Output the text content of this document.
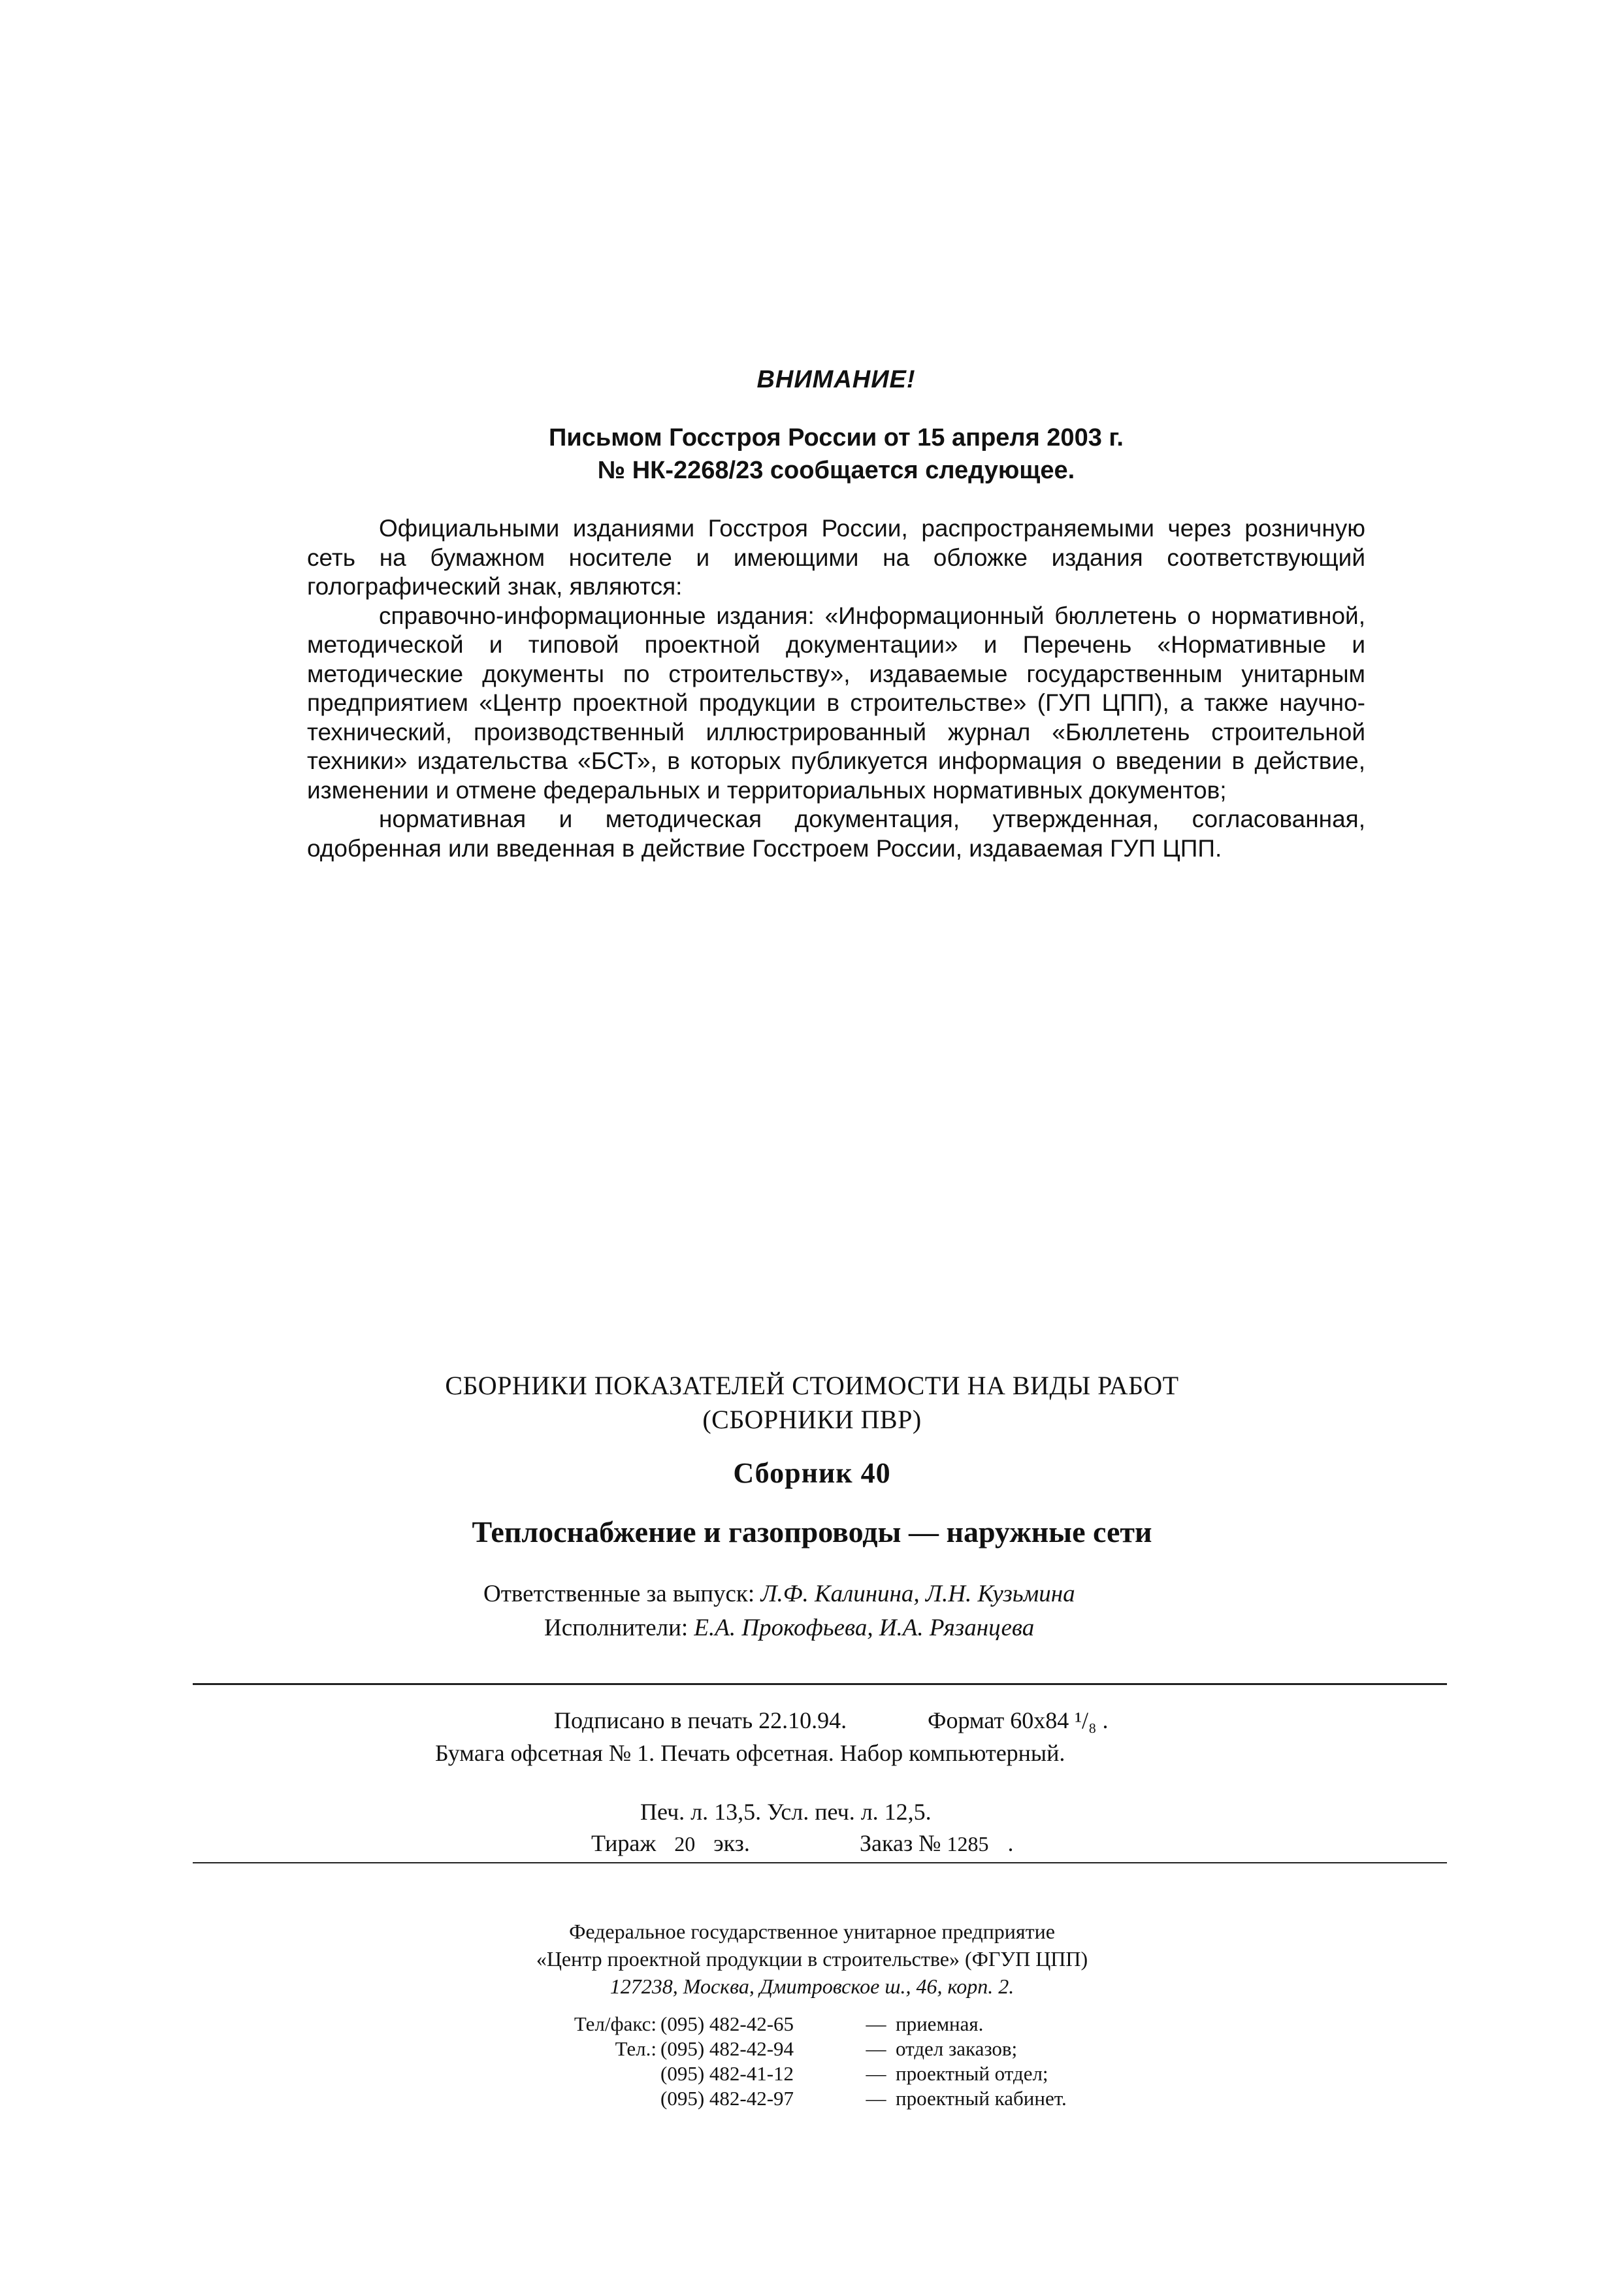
ВНИМАНИЕ!
Письмом Госстроя России от 15 апреля 2003 г.
№ НК-2268/23 сообщается следующее.

Официальными изданиями Госстроя России, распространяемыми через розничную сеть на бумажном носителе и имеющими на обложке издания соответствующий голографический знак, являются:

справочно-информационные издания: «Информационный бюллетень о нормативной, методической и типовой проектной документации» и Перечень «Нормативные и методические документы по строительству», издаваемые государственным унитарным предприятием «Центр проектной продукции в строительстве» (ГУП ЦПП), а также научно-технический, производственный иллюстрированный журнал «Бюллетень строительной техники» издательства «БСТ», в которых публикуется информация о введении в действие, изменении и отмене федеральных и территориальных нормативных документов;

нормативная и методическая документация, утвержденная, согласованная, одобренная или введенная в действие Госстроем России, издаваемая ГУП ЦПП.

СБОРНИКИ ПОКАЗАТЕЛЕЙ СТОИМОСТИ НА ВИДЫ РАБОТ
(СБОРНИКИ ПВР)
Сборник 40
Теплоснабжение и газопроводы — наружные сети
Ответственные за выпуск: Л.Ф. Калинина, Л.Н. Кузьмина
Исполнители: Е.А. Прокофьева, И.А. Рязанцева
Подписано в печать 22.10.94.	Формат 60х84 ¹/₈ .
Бумага офсетная № 1. Печать офсетная. Набор компьютерный.
Печ. л. 13,5. Усл. печ. л. 12,5.
Тираж 20 экз.	Заказ № 1285 .
Федеральное государственное унитарное предприятие
«Центр проектной продукции в строительстве» (ФГУП ЦПП)
127238, Москва, Дмитровское ш., 46, корп. 2.
Тел/факс: (095) 482-42-65	— приемная.
Тел.: (095) 482-42-94	— отдел заказов;
(095) 482-41-12	— проектный отдел;
(095) 482-42-97	— проектный кабинет.
